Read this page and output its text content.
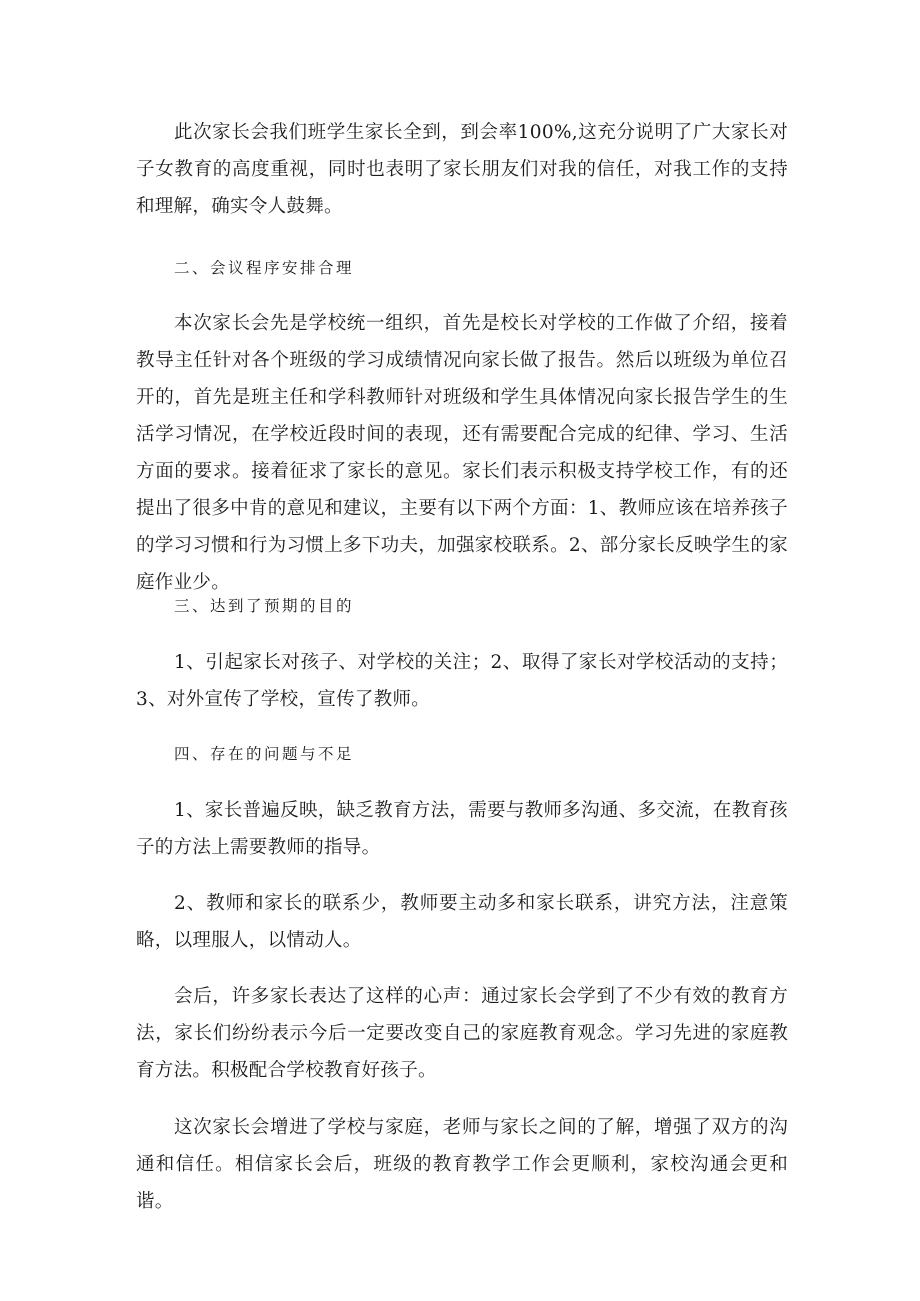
此次家长会我们班学生家长全到，到会率100%,这充分说明了广大家长对子女教育的高度重视，同时也表明了家长朋友们对我的信任，对我工作的支持和理解，确实令人鼓舞。

二、会议程序安排合理

本次家长会先是学校统一组织，首先是校长对学校的工作做了介绍，接着教导主任针对各个班级的学习成绩情况向家长做了报告。然后以班级为单位召开的，首先是班主任和学科教师针对班级和学生具体情况向家长报告学生的生活学习情况，在学校近段时间的表现，还有需要配合完成的纪律、学习、生活方面的要求。接着征求了家长的意见。家长们表示积极支持学校工作，有的还提出了很多中肯的意见和建议，主要有以下两个方面：1、教师应该在培养孩子的学习习惯和行为习惯上多下功夫，加强家校联系。2、部分家长反映学生的家庭作业少。

三、达到了预期的目的

1、引起家长对孩子、对学校的关注；2、取得了家长对学校活动的支持；3、对外宣传了学校，宣传了教师。

四、存在的问题与不足

1、家长普遍反映，缺乏教育方法，需要与教师多沟通、多交流，在教育孩子的方法上需要教师的指导。

2、教师和家长的联系少，教师要主动多和家长联系，讲究方法，注意策略，以理服人，以情动人。

会后，许多家长表达了这样的心声：通过家长会学到了不少有效的教育方法，家长们纷纷表示今后一定要改变自己的家庭教育观念。学习先进的家庭教育方法。积极配合学校教育好孩子。

这次家长会增进了学校与家庭，老师与家长之间的了解，增强了双方的沟通和信任。相信家长会后，班级的教育教学工作会更顺利，家校沟通会更和谐。
